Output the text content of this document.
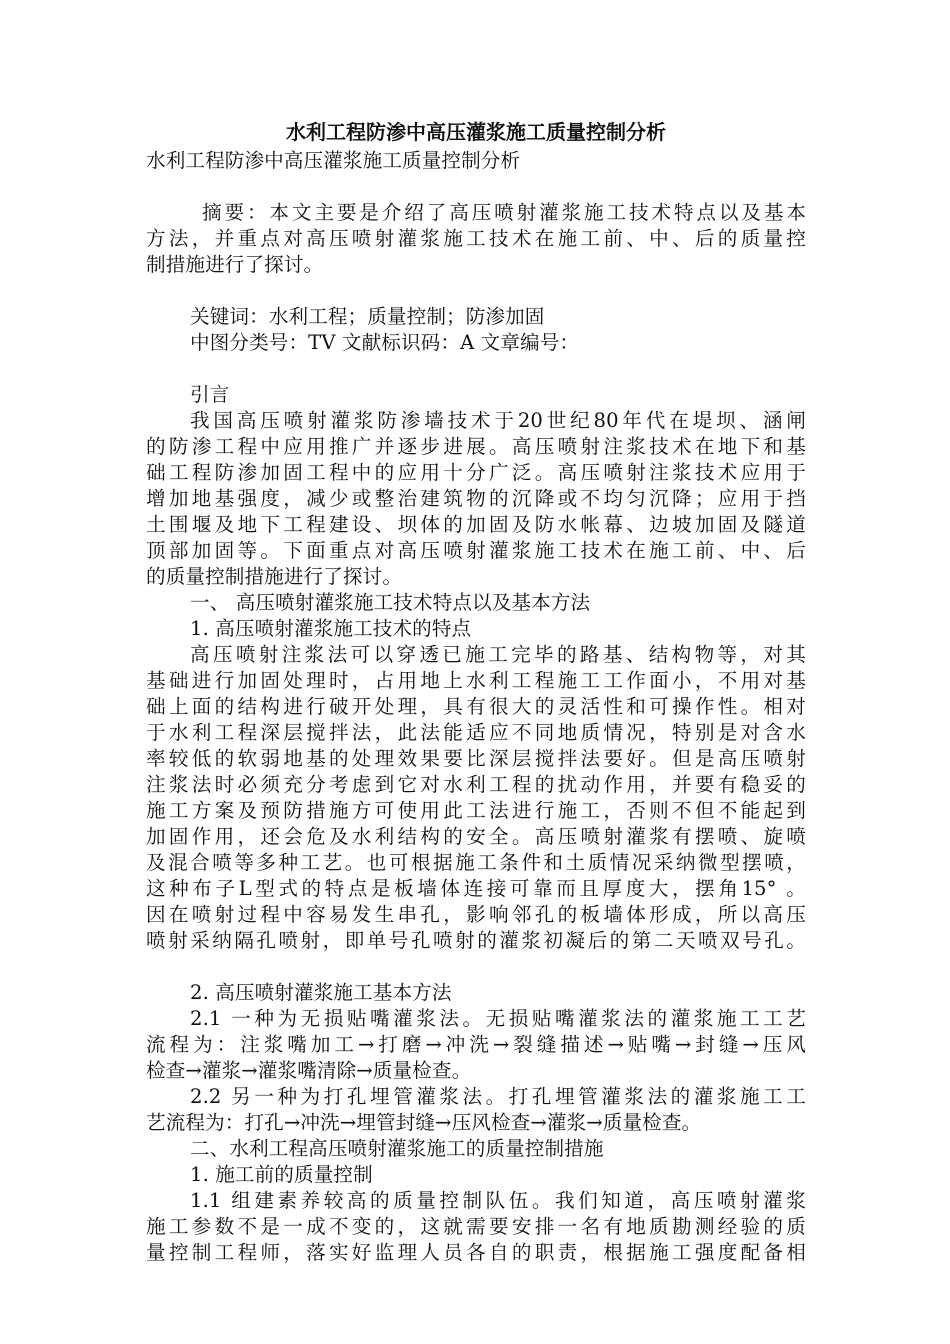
水利工程防渗中高压灌浆施工质量控制分析
水利工程防渗中高压灌浆施工质量控制分析
摘要：本文主要是介绍了高压喷射灌浆施工技术特点以及基本
方法，并重点对高压喷射灌浆施工技术在施工前、中、后的质量控
制措施进行了探讨。
关键词：水利工程；质量控制；防渗加固
中图分类号：TV 文献标识码：A 文章编号：
引言
我国高压喷射灌浆防渗墙技术于20世纪80年代在堤坝、涵闸
的防渗工程中应用推广并逐步进展。高压喷射注浆技术在地下和基
础工程防渗加固工程中的应用十分广泛。高压喷射注浆技术应用于
增加地基强度，减少或整治建筑物的沉降或不均匀沉降；应用于挡
土围堰及地下工程建设、坝体的加固及防水帐幕、边坡加固及隧道
顶部加固等。下面重点对高压喷射灌浆施工技术在施工前、中、后
的质量控制措施进行了探讨。
一、 高压喷射灌浆施工技术特点以及基本方法
1. 高压喷射灌浆施工技术的特点
高压喷射注浆法可以穿透已施工完毕的路基、结构物等，对其
基础进行加固处理时，占用地上水利工程施工工作面小，不用对基
础上面的结构进行破开处理，具有很大的灵活性和可操作性。相对
于水利工程深层搅拌法，此法能适应不同地质情况，特别是对含水
率较低的软弱地基的处理效果要比深层搅拌法要好。但是高压喷射
注浆法时必须充分考虑到它对水利工程的扰动作用，并要有稳妥的
施工方案及预防措施方可使用此工法进行施工，否则不但不能起到
加固作用，还会危及水利结构的安全。高压喷射灌浆有摆喷、旋喷
及混合喷等多种工艺。也可根据施工条件和土质情况采纳微型摆喷，
这种布子L型式的特点是板墙体连接可靠而且厚度大，摆角15° 。
因在喷射过程中容易发生串孔，影响邻孔的板墙体形成，所以高压
喷射采纳隔孔喷射，即单号孔喷射的灌浆初凝后的第二天喷双号孔。
2. 高压喷射灌浆施工基本方法
2.1 一种为无损贴嘴灌浆法。无损贴嘴灌浆法的灌浆施工工艺
流程为：注浆嘴加工→打磨→冲洗→裂缝描述→贴嘴→封缝→压风
检查→灌浆→灌浆嘴清除→质量检查。
2.2 另一种为打孔埋管灌浆法。打孔埋管灌浆法的灌浆施工工
艺流程为：打孔→冲洗→埋管封缝→压风检查→灌浆→质量检查。
二、水利工程高压喷射灌浆施工的质量控制措施
1. 施工前的质量控制
1.1 组建素养较高的质量控制队伍。我们知道，高压喷射灌浆
施工参数不是一成不变的，这就需要安排一名有地质勘测经验的质
量控制工程师，落实好监理人员各自的职责，根据施工强度配备相
